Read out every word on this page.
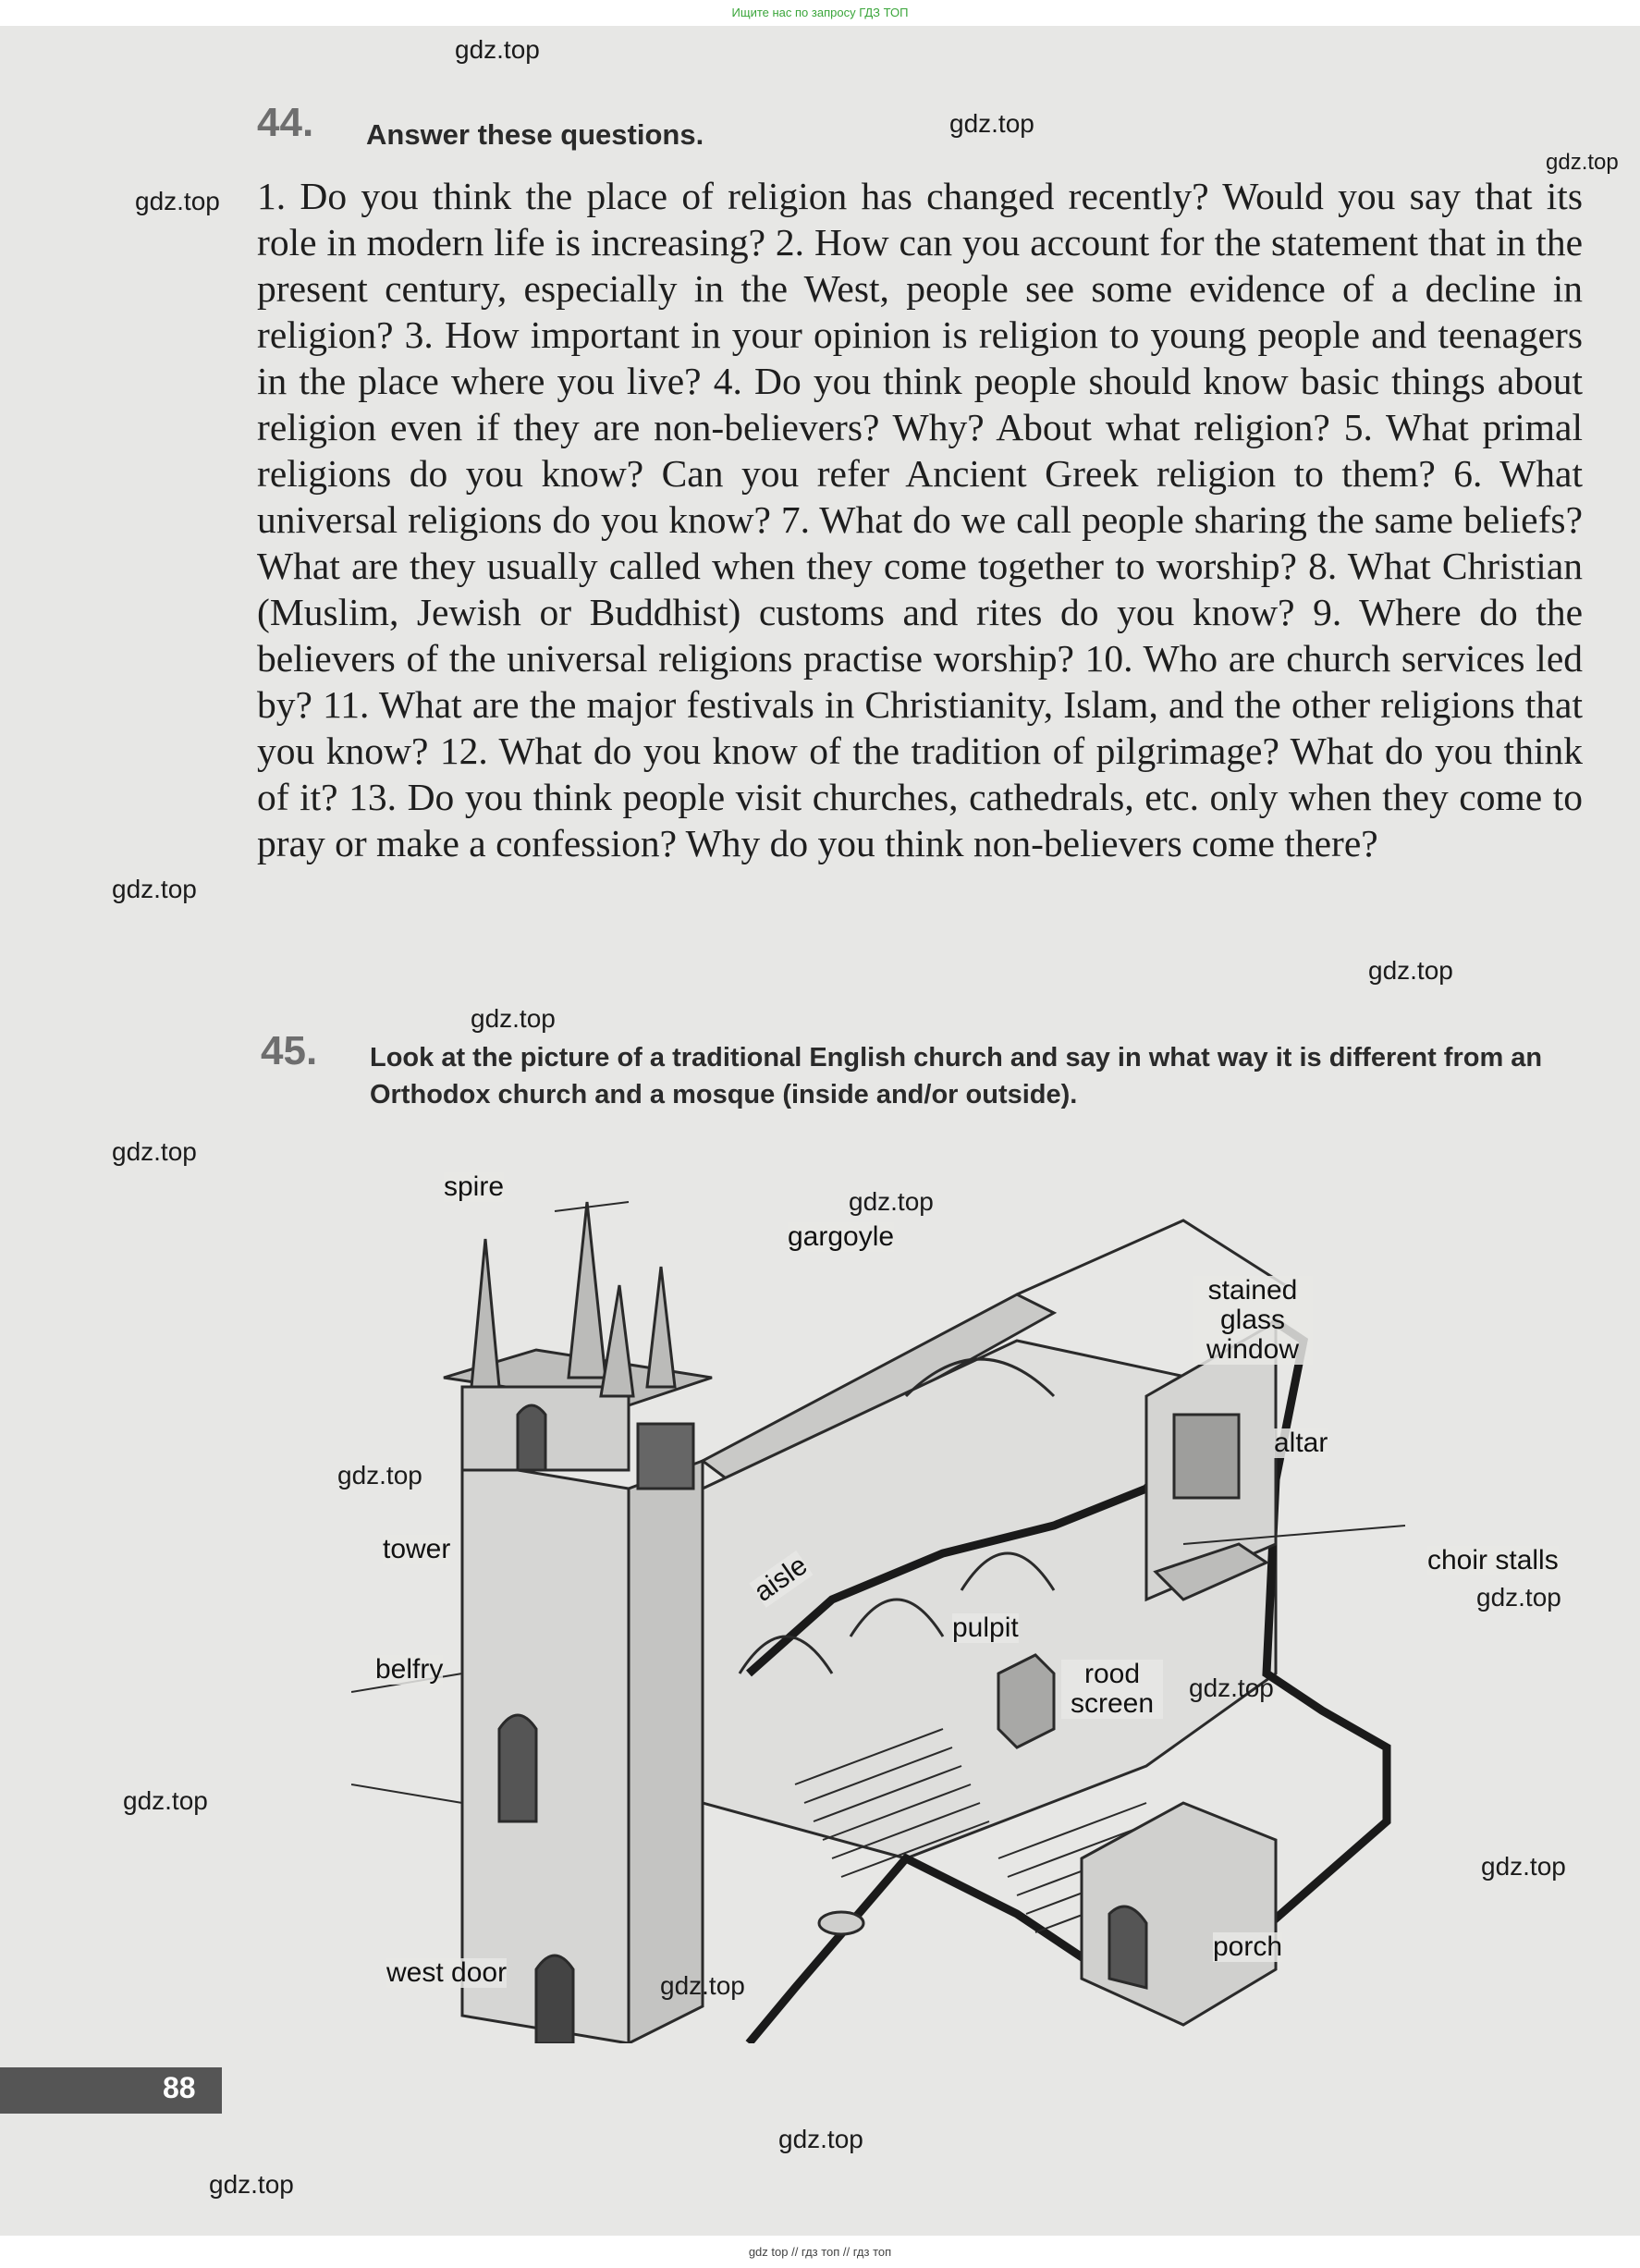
Ищите нас по запросу ГДЗ ТОП
44. Answer these questions.
1. Do you think the place of religion has changed recently? Would you say that its role in modern life is increasing? 2. How can you account for the statement that in the present century, especially in the West, people see some evidence of a decline in religion? 3. How important in your opinion is religion to young people and teenagers in the place where you live? 4. Do you think people should know basic things about religion even if they are non-believers? Why? About what religion? 5. What primal religions do you know? Can you refer Ancient Greek religion to them? 6. What universal religions do you know? 7. What do we call people sharing the same beliefs? What are they usually called when they come together to worship? 8. What Christian (Muslim, Jewish or Buddhist) customs and rites do you know? 9. Where do the believers of the universal religions practise worship? 10. Who are church services led by? 11. What are the major festivals in Christianity, Islam, and the other religions that you know? 12. What do you know of the tradition of pilgrimage? What do you think of it? 13. Do you think people visit churches, cathedrals, etc. only when they come to pray or make a confession? Why do you think non-believers come there?
45. Look at the picture of a traditional English church and say in what way it is different from an Orthodox church and a mosque (inside and/or outside).
spire
gargoyle
stained glass window
altar
tower	choir stalls
aisle
pulpit
belfry	rood screen
porch
west door
gdz.top
gdz.top
gdz.top
gdz.top
gdz.top
gdz.top
gdz.top
gdz.top
gdz.top
gdz.top
gdz.top
gdz.top
gdz.top
gdz.top
gdz.top
gdz.top
gdz.top
88
gdz top // гдз топ // гдз топ
